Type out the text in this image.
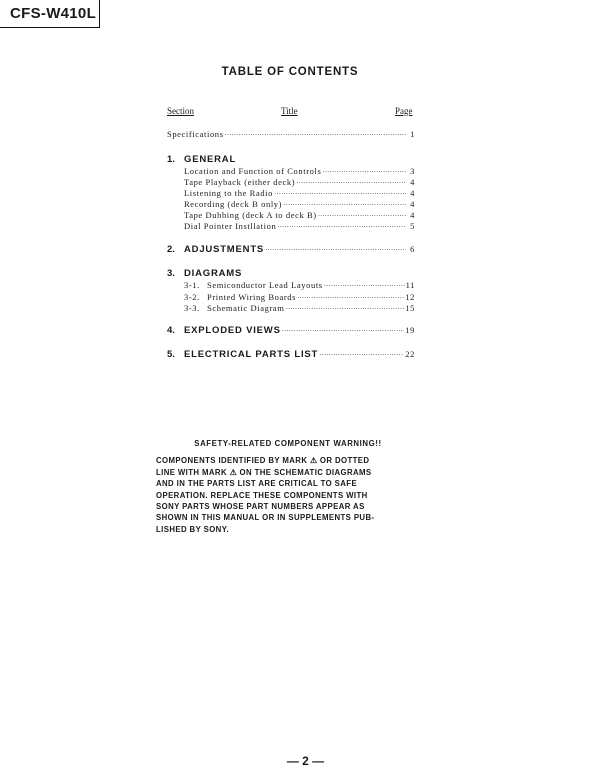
CFS-W410L
TABLE OF CONTENTS
Section	Title	Page
Specifications ·····	1
1. GENERAL
Location and Function of Controls ·····	3
Tape Playback (either deck) ·····	4
Listening to the Radio ·····	4
Recording (deck B only) ·····	4
Tape Dubbing (deck A to deck B) ·····	4
Dial Pointer Instllation ·····	5
2. ADJUSTMENTS ·····	6
3. DIAGRAMS
3-1. Semiconductor Lead Layouts ·····	11
3-2. Printed Wiring Boards ·····	12
3-3. Schematic Diagram ·····	15
4. EXPLODED VIEWS ·····	19
5. ELECTRICAL PARTS LIST ·····	22
SAFETY-RELATED COMPONENT WARNING!!
COMPONENTS IDENTIFIED BY MARK ⚠ OR DOTTED
LINE WITH MARK ⚠ ON THE SCHEMATIC DIAGRAMS
AND IN THE PARTS LIST ARE CRITICAL TO SAFE
OPERATION. REPLACE THESE COMPONENTS WITH
SONY PARTS WHOSE PART NUMBERS APPEAR AS
SHOWN IN THIS MANUAL OR IN SUPPLEMENTS PUB-
LISHED BY SONY.
— 2 —
